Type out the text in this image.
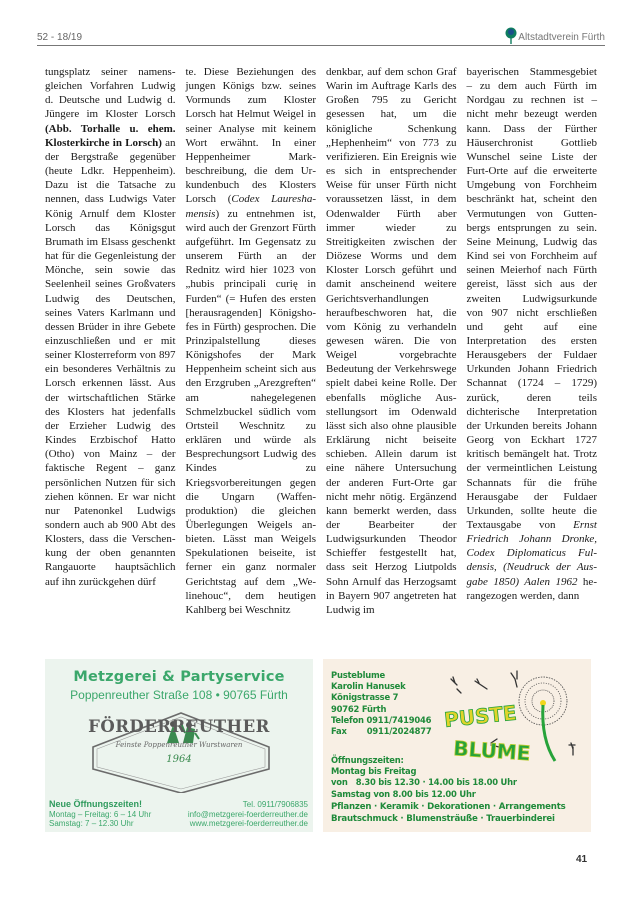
52 - 18/19	Altstadtverein Fürth

tungsplatz seiner namensgleichen Vorfahren Ludwig d. Deutsche und Ludwig d. Jüngere im Kloster Lorsch (Abb. Torhalle u. ehem. Klosterkirche in Lorsch) an der Bergstraße gegenüber (heute Ldkr. Heppenheim). Dazu ist die Tatsache zu nennen, dass Ludwigs Vater König Arnulf dem Kloster Lorsch das Königsgut Brumath im Elsass geschenkt hat für die Gegenleistung der Mönche, sein sowie das Seelenheil seines Großvaters Ludwig des Deutschen, seines Vaters Karlmann und dessen Brüder in ihre Gebete einzuschließen und er mit seiner Klosterreform von 897 ein besonderes Verhältnis zu Lorsch erkennen lässt. Aus der wirtschaftlichen Stärke des Klosters hat jedenfalls der Erzieher Ludwig des Kindes Erzbischof Hatto (Otho) von Mainz – der faktische Regent – ganz persönlichen Nutzen für sich ziehen können. Er war nicht nur Patenonkel Ludwigs sondern auch ab 900 Abt des Klosters, dass die Verschenkung der oben genannten Rangauorte hauptsächlich auf ihn zurückgehen dürf

te. Diese Beziehungen des jungen Königs bzw. seines Vormunds zum Kloster Lorsch hat Helmut Weigel in seiner Analyse mit keinem Wort erwähnt. In einer Heppenheimer Markbeschreibung, die dem Urkundenbuch des Klosters Lorsch (Codex Laureshamensis) zu entnehmen ist, wird auch der Grenzort Fürth aufgeführt. Im Gegensatz zu unserem Fürth an der Rednitz wird hier 1023 von „hubis principali curię in Furden“ (= Hufen des ersten [herausragenden] Königshofes in Fürth) gesprochen. Die Prinzipalstellung dieses Königshofes der Mark Heppenheim scheint sich aus den Erzgruben „Arezgreften“ am nahegelegenen Schmelzbuckel südlich vom Ortsteil Weschnitz zu erklären und würde als Besprechungsort Ludwig des Kindes zu Kriegsvorbereitungen gegen die Ungarn (Waffenproduktion) die gleichen Überlegungen Weigels anbieten. Lässt man Weigels Spekulationen beiseite, ist ferner ein ganz normaler Gerichtstag auf dem „Welinehouc“, dem heutigen Kahlberg bei Weschnitz

denkbar, auf dem schon Graf Warin im Auftrage Karls des Großen 795 zu Gericht gesessen hat, um die königliche Schenkung „Hephenheim“ von 773 zu verifizieren. Ein Ereignis wie es sich in entsprechender Weise für unser Fürth nicht voraussetzen lässt, in dem Odenwalder Fürth aber immer wieder zu Streitigkeiten zwischen der Diözese Worms und dem Kloster Lorsch geführt und damit anscheinend weitere Gerichtsverhandlungen heraufbeschworen hat, die vom König zu verhandeln gewesen wären. Die von Weigel vorgebrachte Bedeutung der Verkehrswege spielt dabei keine Rolle. Der ebenfalls mögliche Ausstellungsort im Odenwald lässt sich also ohne plausible Erklärung nicht beiseite schieben. Allein darum ist eine nähere Untersuchung der anderen Furt-Orte gar nicht mehr nötig. Ergänzend kann bemerkt werden, dass der Bearbeiter der Ludwigsurkunden Theodor Schieffer festgestellt hat, dass seit Herzog Liutpolds Sohn Arnulf das Herzogsamt in Bayern 907 angetreten hat Ludwig im

bayerischen Stammesgebiet – zu dem auch Fürth im Nordgau zu rechnen ist – nicht mehr bezeugt werden kann. Dass der Fürther Häuserchronist Gottlieb Wunschel seine Liste der Furt-Orte auf die erweiterte Umgebung von Forchheim beschränkt hat, scheint den Vermutungen von Guttenbergs entsprungen zu sein. Seine Meinung, Ludwig das Kind sei von Forchheim auf seinen Meierhof nach Fürth gereist, lässt sich aus der zweiten Ludwigsurkunde von 907 nicht erschließen und geht auf eine Interpretation des ersten Herausgebers der Fuldaer Urkunden Johann Friedrich Schannat (1724 – 1729) zurück, deren teils dichterische Interpretation der Urkunden bereits Johann Georg von Eckhart 1727 kritisch bemängelt hat. Trotz der vermeintlichen Leistung Schannats für die frühe Herausgabe der Fuldaer Urkunden, sollte heute die Textausgabe von Ernst Friedrich Johann Dronke, Codex Diplomaticus Fuldensis, (Neudruck der Ausgabe 1850) Aalen 1962 herangezogen werden, dann

Metzgerei & Partyservice
Poppenreuther Straße 108 • 90765 Fürth
FÖRDERREUTHER
Feinste Poppenreuther Wurstwaren
1964
Neue Öffnungszeiten!
Montag – Freitag: 6 – 14 Uhr
Samstag: 7 – 12.30 Uhr
Tel. 0911/7906835
info@metzgerei-foerderreuther.de
www.metzgerei-foerderreuther.de
Pusteblume
Karolin Hanusek
Königstrasse 7
90762 Fürth
Telefon 0911/7419046
Fax 0911/2024877 PUSTE
BLUME
Öffnungszeiten:
Montag bis Freitag
von   8.30 bis 12.30 · 14.00 bis 18.00 Uhr
Samstag von 8.00 bis 12.00 Uhr
Pflanzen · Keramik · Dekorationen · Arrangements
Brautschmuck · Blumensträuße · Trauerbinderei
41
